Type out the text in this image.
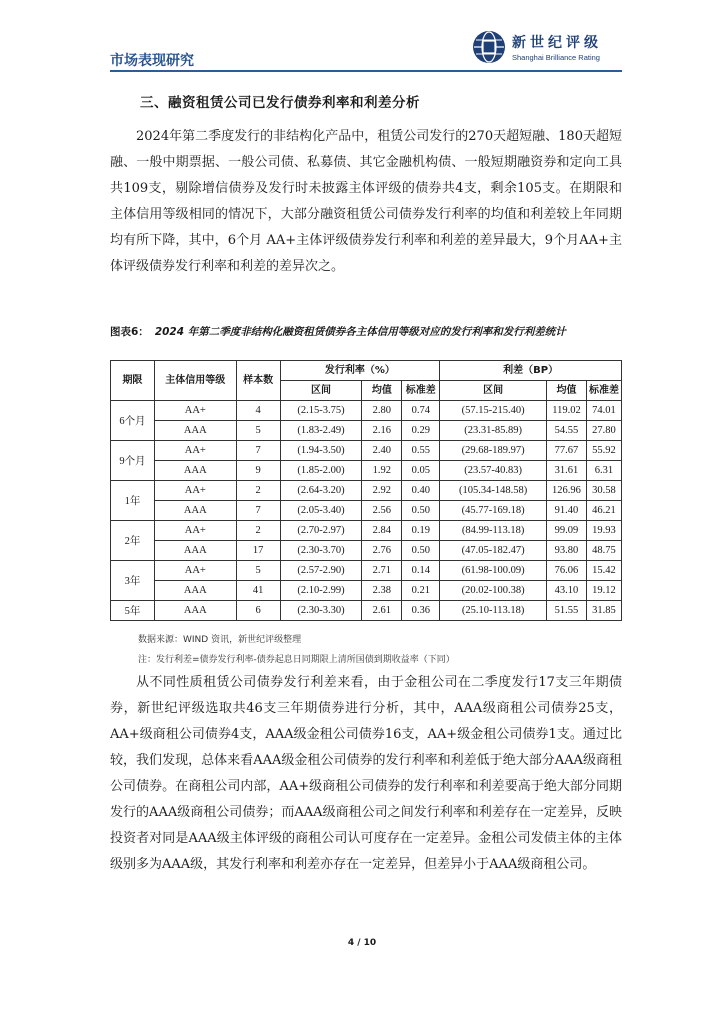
市场表现研究
新世纪评级
Shanghai Brilliance Rating
三、融资租赁公司已发行债券利率和利差分析

2024年第二季度发行的非结构化产品中，租赁公司发行的270天超短融、180天超短融、一般中期票据、一般公司债、私募债、其它金融机构债、一般短期融资券和定向工具共109支，剔除增信债券及发行时未披露主体评级的债券共4支，剩余105支。在期限和主体信用等级相同的情况下，大部分融资租赁公司债券发行利率的均值和利差较上年同期均有所下降，其中，6个月 AA+主体评级债券发行利率和利差的差异最大，9个月AA+主体评级债券发行利率和利差的差异次之。

图表6： 2024 年第二季度非结构化融资租赁债券各主体信用等级对应的发行利率和发行利差统计
期限	主体信用等级	样本数	发行利率（%）			利差（BP）		
			区间	均值	标准差	区间	均值	标准差
6个月	AA+	4	(2.15-3.75)	2.80	0.74	(57.15-215.40)	119.02	74.01
	AAA	5	(1.83-2.49)	2.16	0.29	(23.31-85.89)	54.55	27.80
9个月	AA+	7	(1.94-3.50)	2.40	0.55	(29.68-189.97)	77.67	55.92
	AAA	9	(1.85-2.00)	1.92	0.05	(23.57-40.83)	31.61	6.31
1年	AA+	2	(2.64-3.20)	2.92	0.40	(105.34-148.58)	126.96	30.58
	AAA	7	(2.05-3.40)	2.56	0.50	(45.77-169.18)	91.40	46.21
2年	AA+	2	(2.70-2.97)	2.84	0.19	(84.99-113.18)	99.09	19.93
	AAA	17	(2.30-3.70)	2.76	0.50	(47.05-182.47)	93.80	48.75
3年	AA+	5	(2.57-2.90)	2.71	0.14	(61.98-100.09)	76.06	15.42
	AAA	41	(2.10-2.99)	2.38	0.21	(20.02-100.38)	43.10	19.12
5年	AAA	6	(2.30-3.30)	2.61	0.36	(25.10-113.18)	51.55	31.85
数据来源：WIND 资讯，新世纪评级整理
注：发行利差=债券发行利率-债券起息日同期限上清所国债到期收益率（下同）

从不同性质租赁公司债券发行利差来看，由于金租公司在二季度发行17支三年期债券，新世纪评级选取共46支三年期债券进行分析，其中，AAA级商租公司债券25支，AA+级商租公司债券4支，AAA级金租公司债券16支，AA+级金租公司债券1支。通过比较，我们发现，总体来看AAA级金租公司债券的发行利率和利差低于绝大部分AAA级商租公司债券。在商租公司内部，AA+级商租公司债券的发行利率和利差要高于绝大部分同期发行的AAA级商租公司债券；而AAA级商租公司之间发行利率和利差存在一定差异，反映投资者对同是AAA级主体评级的商租公司认可度存在一定差异。金租公司发债主体的主体级别多为AAA级，其发行利率和利差亦存在一定差异，但差异小于AAA级商租公司。

4 / 10
